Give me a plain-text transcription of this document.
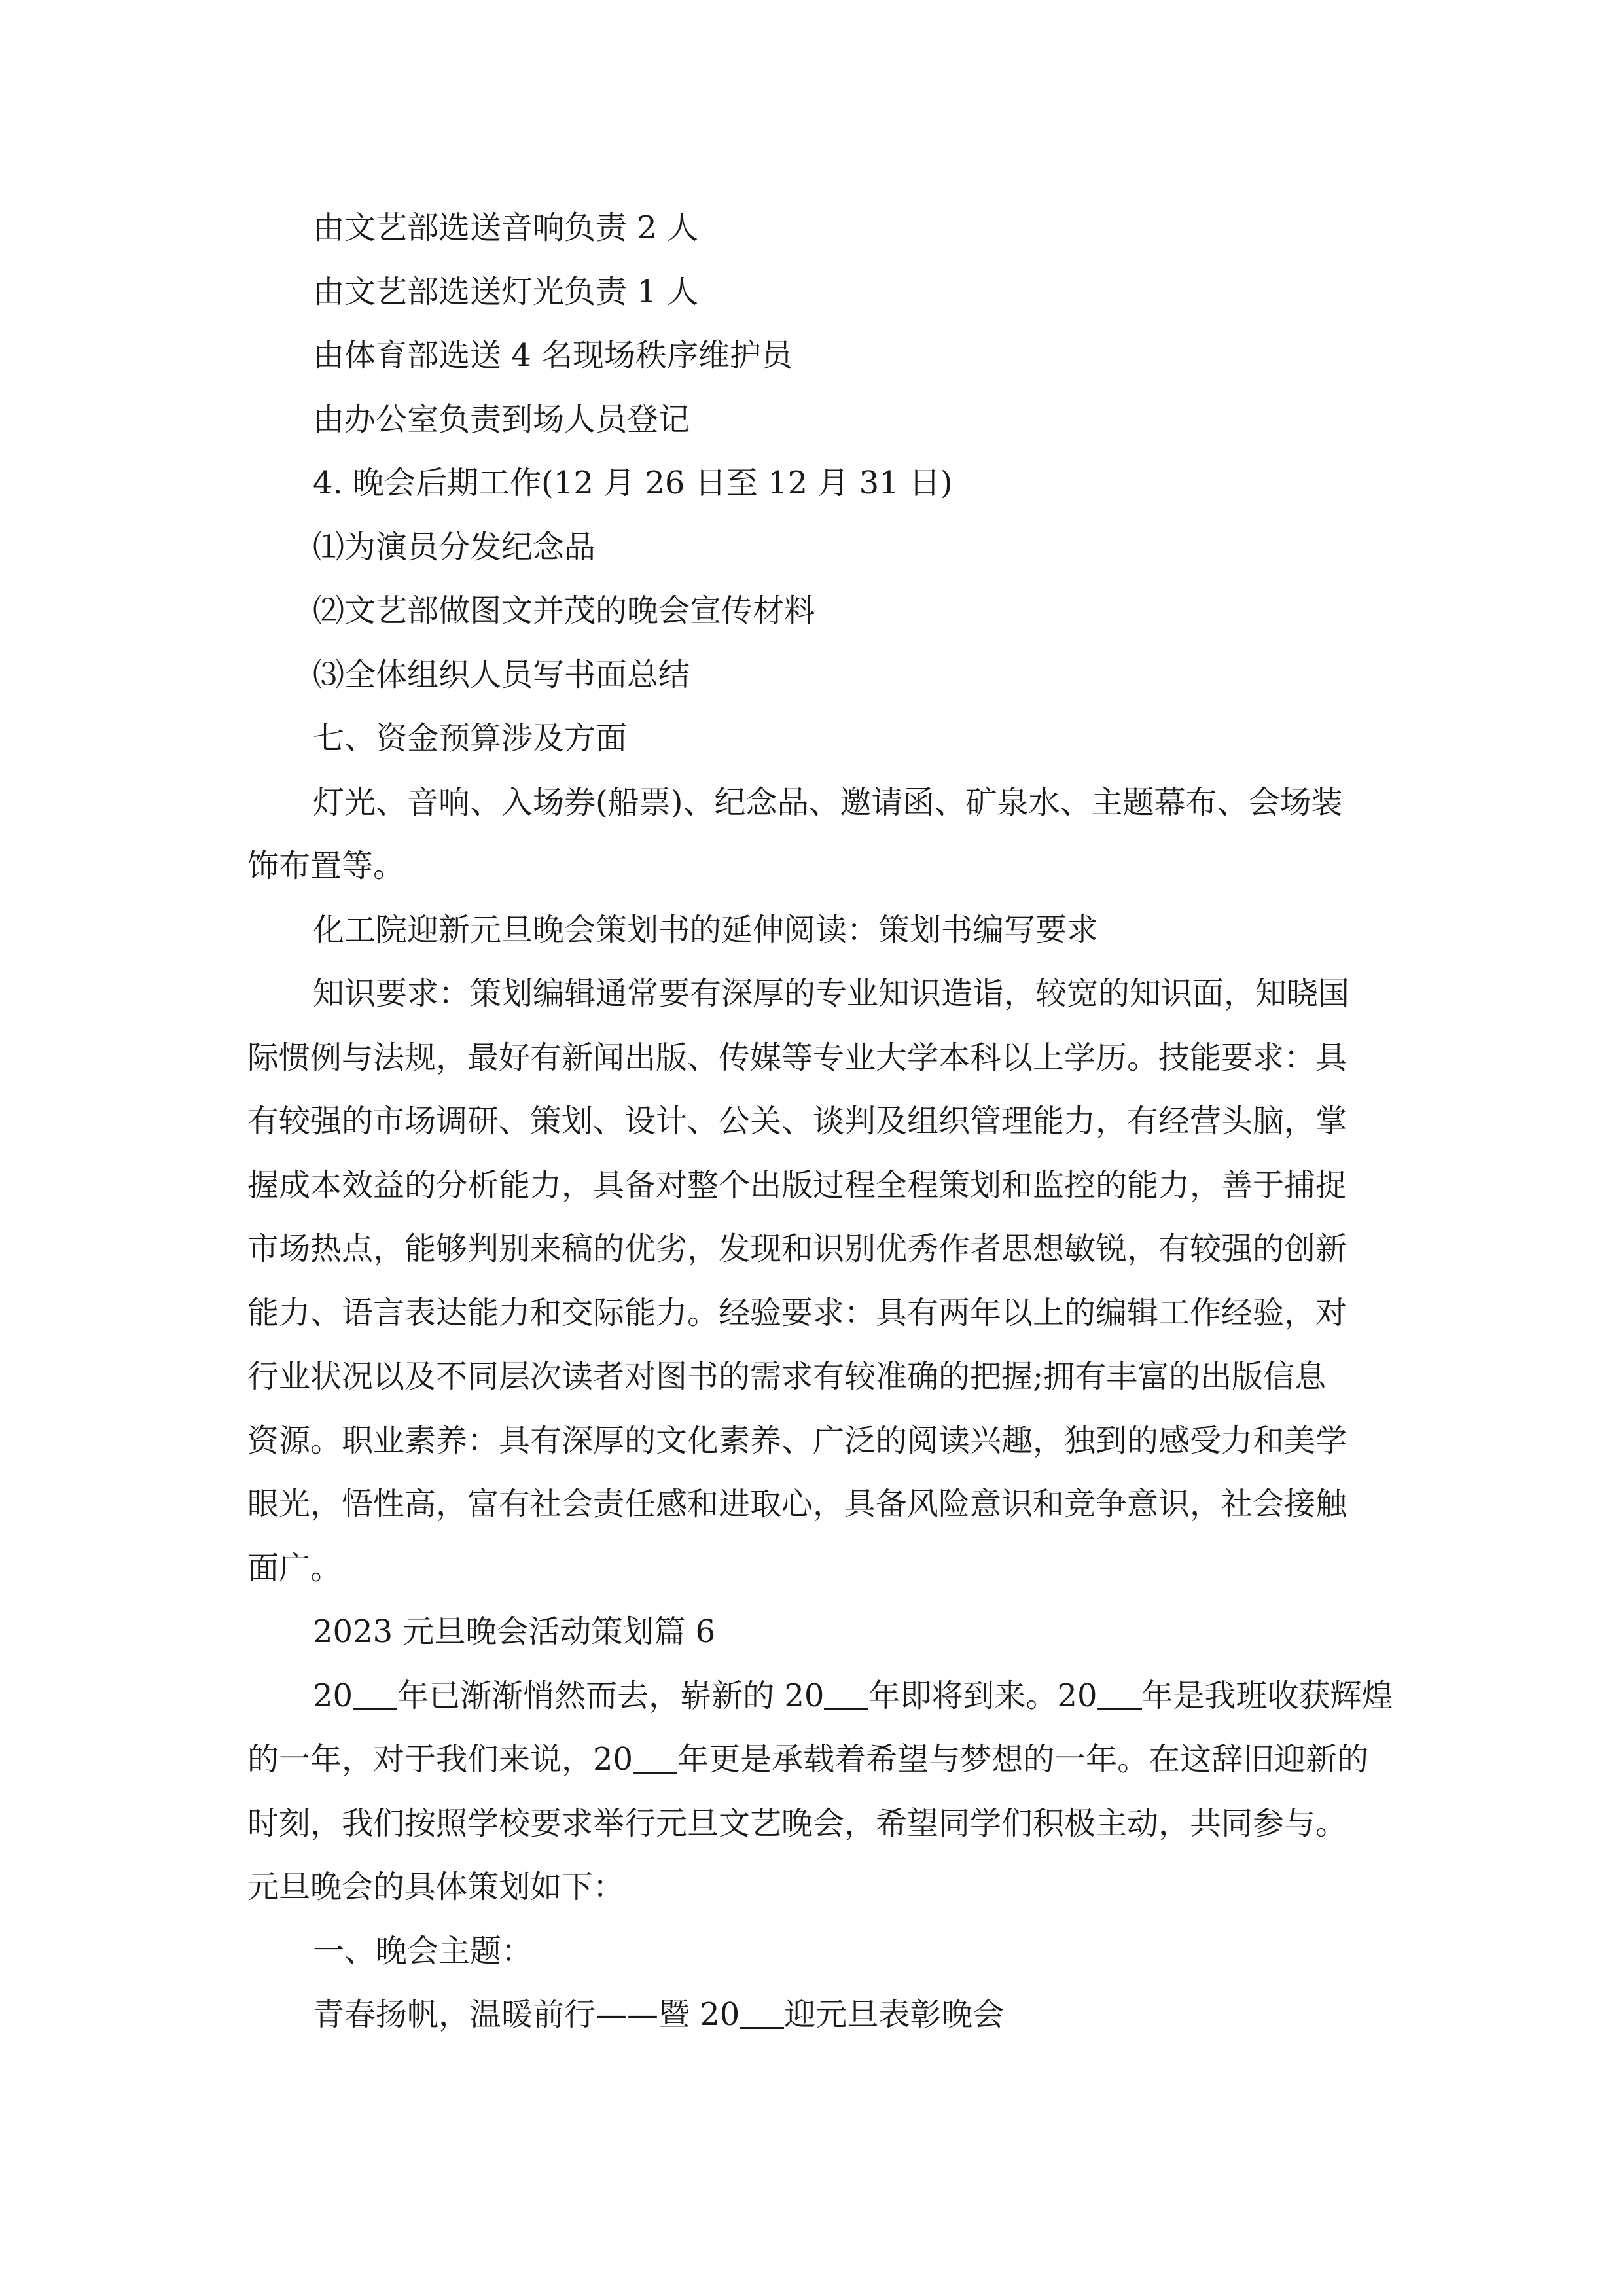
由文艺部选送音响负责 2 人
由文艺部选送灯光负责 1 人
由体育部选送 4 名现场秩序维护员
由办公室负责到场人员登记
4. 晚会后期工作(12 月 26 日至 12 月 31 日)
⑴为演员分发纪念品
⑵文艺部做图文并茂的晚会宣传材料
⑶全体组织人员写书面总结
七、资金预算涉及方面
灯光、音响、入场券(船票)、纪念品、邀请函、矿泉水、主题幕布、会场装
饰布置等。
化工院迎新元旦晚会策划书的延伸阅读：策划书编写要求
知识要求：策划编辑通常要有深厚的专业知识造诣，较宽的知识面，知晓国
际惯例与法规，最好有新闻出版、传媒等专业大学本科以上学历。技能要求：具
有较强的市场调研、策划、设计、公关、谈判及组织管理能力，有经营头脑，掌
握成本效益的分析能力，具备对整个出版过程全程策划和监控的能力，善于捕捉
市场热点，能够判别来稿的优劣，发现和识别优秀作者思想敏锐，有较强的创新
能力、语言表达能力和交际能力。经验要求：具有两年以上的编辑工作经验，对
行业状况以及不同层次读者对图书的需求有较准确的把握;拥有丰富的出版信息
资源。职业素养：具有深厚的文化素养、广泛的阅读兴趣，独到的感受力和美学
眼光，悟性高，富有社会责任感和进取心，具备风险意识和竞争意识，社会接触
面广。
2023 元旦晚会活动策划篇 6
20 年已渐渐悄然而去，崭新的 20 年即将到来。20 年是我班收获辉煌
的一年，对于我们来说，20 年更是承载着希望与梦想的一年。在这辞旧迎新的
时刻，我们按照学校要求举行元旦文艺晚会，希望同学们积极主动，共同参与。
元旦晚会的具体策划如下：
一、晚会主题：
青春扬帆，温暖前行——暨 20 迎元旦表彰晚会
